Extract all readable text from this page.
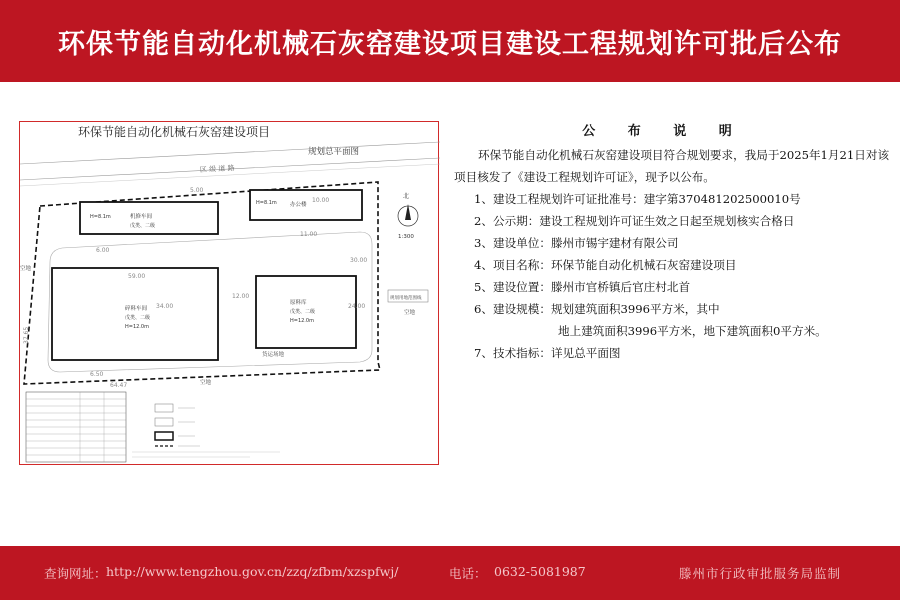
环保节能自动化机械石灰窑建设项目建设工程规划许可批后公布
环保节能自动化机械石灰窑建设项目
规划总平面图
区 级 道 路
H=8.1m	机修车间
戊类、二级
H=8.1m 办公楼
碎料车间
戊类、二级
H=12.0m
原料库
戊类、二级
H=12.0m
59.00
34.00
12.00
24.00
30.00
10.00
6.50
64.47
37.65
11.00
6.00
5.00
货运场地
空地
空地
空地
规划用地范围线
北
1:300
公 布 说 明
环保节能自动化机械石灰窑建设项目符合规划要求，我局于2025年1月21日对该项目核发了《建设工程规划许可证》，现予以公布。
1、建设工程规划许可证批准号：建字第370481202500010号
2、公示期：建设工程规划许可证生效之日起至规划核实合格日
3、建设单位：滕州市锡宇建材有限公司
4、项目名称：环保节能自动化机械石灰窑建设项目
5、建设位置：滕州市官桥镇后官庄村北首
6、建设规模：规划建筑面积3996平方米，其中
地上建筑面积3996平方米，地下建筑面积0平方米。
7、技术指标：详见总平面图
查询网址： http://www.tengzhou.gov.cn/zzq/zfbm/xzspfwj/	电话： 0632-5081987	滕州市行政审批服务局监制
